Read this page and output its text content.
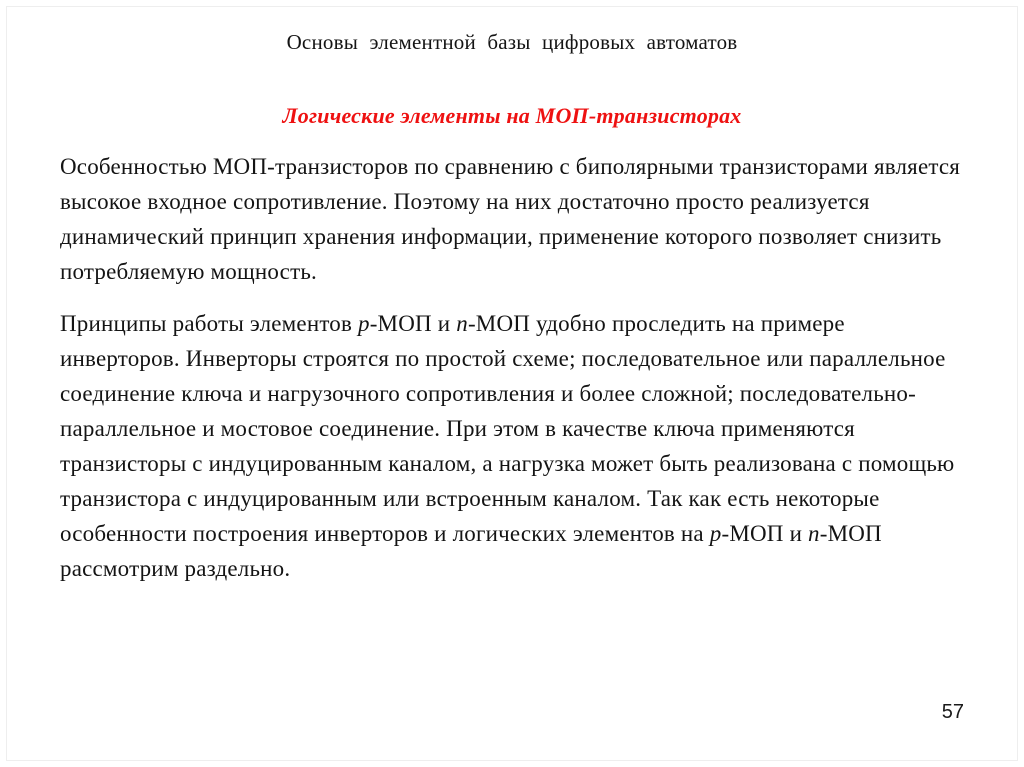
Основы элементной базы цифровых автоматов
Логические элементы на МОП-транзисторах
Особенностью МОП-транзисторов по сравнению с биполярными транзисторами является высокое входное сопротивление. Поэтому на них достаточно просто реализуется динамический принцип хранения информации, применение которого позволяет снизить потребляемую мощность.
Принципы работы элементов p-МОП и n-МОП удобно проследить на примере инверторов. Инверторы строятся по простой схеме; последовательное или параллельное соединение ключа и нагрузочного сопротивления и более сложной; последовательно-параллельное и мостовое соединение. При этом в качестве ключа применяются транзисторы с индуцированным каналом, а нагрузка может быть реализована с помощью транзистора с индуцированным или встроенным каналом. Так как есть некоторые особенности построения инверторов и логических элементов на p-МОП и n-МОП рассмотрим раздельно.
57
